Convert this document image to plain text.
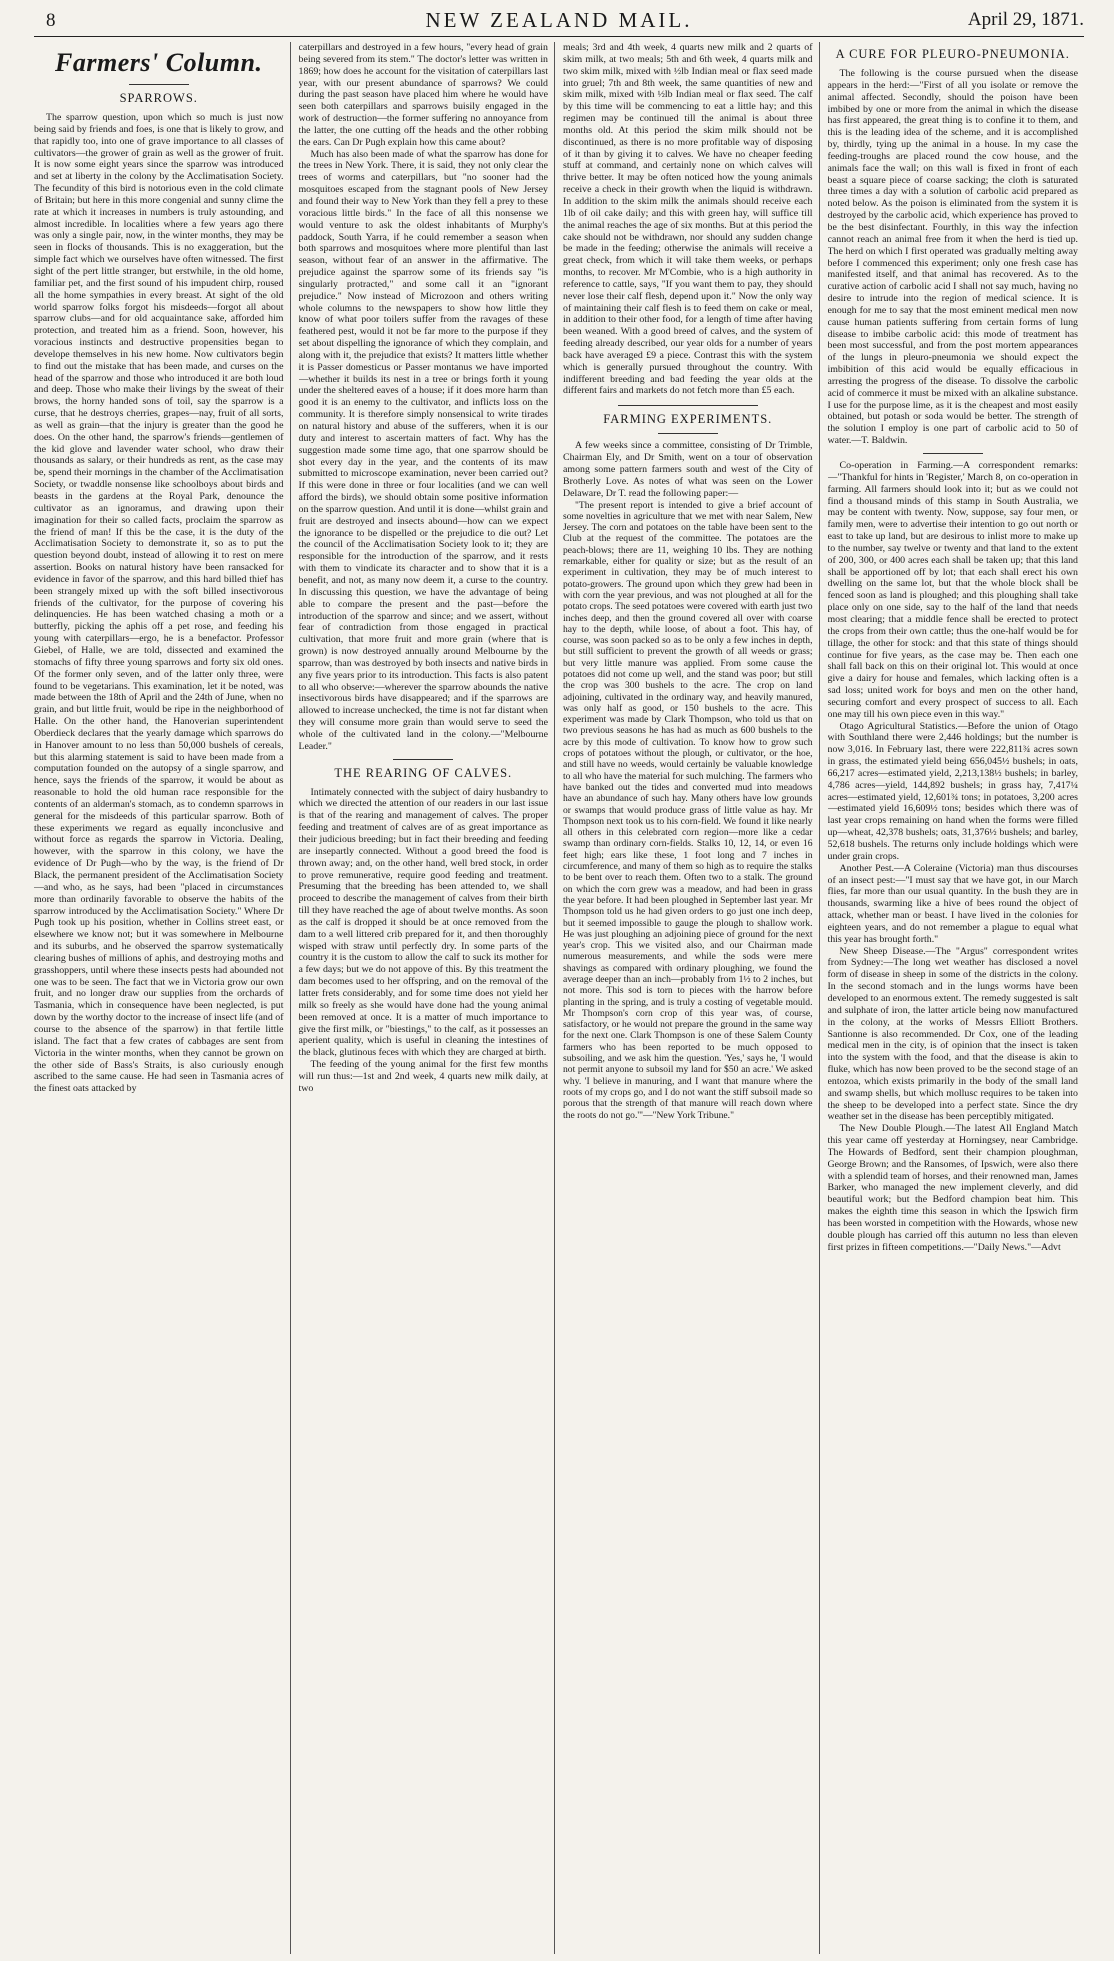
8	NEW ZEALAND MAIL.	April 29, 1871.
Farmers' Column.
SPARROWS.

The sparrow question, upon which so much is just now being said by friends and foes, is one that is likely to grow, and that rapidly too, into one of grave importance to all classes of cultivators—the grower of grain as well as the grower of fruit. It is now some eight years since the sparrow was introduced and set at liberty in the colony by the Acclimatisation Society. The fecundity of this bird is notorious even in the cold climate of Britain; but here in this more congenial and sunny clime the rate at which it increases in numbers is truly astounding, and almost incredible. In localities where a few years ago there was only a single pair, now, in the winter months, they may be seen in flocks of thousands. This is no exaggeration, but the simple fact which we ourselves have often witnessed. The first sight of the pert little stranger, but erstwhile, in the old home, familiar pet, and the first sound of his impudent chirp, roused all the home sympathies in every breast. At sight of the old world sparrow folks forgot his misdeeds—forgot all about sparrow clubs—and for old acquaintance sake, afforded him protection, and treated him as a friend. Soon, however, his voracious instincts and destructive propensities began to develope themselves in his new home. Now cultivators begin to find out the mistake that has been made, and curses on the head of the sparrow and those who introduced it are both loud and deep. Those who make their livings by the sweat of their brows, the horny handed sons of toil, say the sparrow is a curse, that he destroys cherries, grapes—nay, fruit of all sorts, as well as grain—that the injury is greater than the good he does. On the other hand, the sparrow's friends—gentlemen of the kid glove and lavender water school, who draw their thousands as salary, or their hundreds as rent, as the case may be, spend their mornings in the chamber of the Acclimatisation Society, or twaddle nonsense like schoolboys about birds and beasts in the gardens at the Royal Park, denounce the cultivator as an ignoramus, and drawing upon their imagination for their so called facts, proclaim the sparrow as the friend of man! If this be the case, it is the duty of the Acclimatisation Society to demonstrate it, so as to put the question beyond doubt, instead of allowing it to rest on mere assertion. Books on natural history have been ransacked for evidence in favor of the sparrow, and this hard billed thief has been strangely mixed up with the soft billed insectivorous friends of the cultivator, for the purpose of covering his delinquencies. He has been watched chasing a moth or a butterfly, picking the aphis off a pet rose, and feeding his young with caterpillars—ergo, he is a benefactor. Professor Giebel, of Halle, we are told, dissected and examined the stomachs of fifty three young sparrows and forty six old ones. Of the former only seven, and of the latter only three, were found to be vegetarians. This examination, let it be noted, was made between the 18th of April and the 24th of June, when no grain, and but little fruit, would be ripe in the neighborhood of Halle. On the other hand, the Hanoverian superintendent Oberdieck declares that the yearly damage which sparrows do in Hanover amount to no less than 50,000 bushels of cereals, but this alarming statement is said to have been made from a computation founded on the autopsy of a single sparrow, and hence, says the friends of the sparrow, it would be about as reasonable to hold the old human race responsible for the contents of an alderman's stomach, as to condemn sparrows in general for the misdeeds of this particular sparrow. Both of these experiments we regard as equally inconclusive and without force as regards the sparrow in Victoria. Dealing, however, with the sparrow in this colony, we have the evidence of Dr Pugh—who by the way, is the friend of Dr Black, the permanent president of the Acclimatisation Society—and who, as he says, had been "placed in circumstances more than ordinarily favorable to observe the habits of the sparrow introduced by the Acclimatisation Society." Where Dr Pugh took up his position, whether in Collins street east, or elsewhere we know not; but it was somewhere in Melbourne and its suburbs, and he observed the sparrow systematically clearing bushes of millions of aphis, and destroying moths and grasshoppers, until where these insects pests had abounded not one was to be seen. The fact that we in Victoria grow our own fruit, and no longer draw our supplies from the orchards of Tasmania, which in consequence have been neglected, is put down by the worthy doctor to the increase of insect life (and of course to the absence of the sparrow) in that fertile little island. The fact that a few crates of cabbages are sent from Victoria in the winter months, when they cannot be grown on the other side of Bass's Straits, is also curiously enough ascribed to the same cause. He had seen in Tasmania acres of the finest oats attacked by

caterpillars and destroyed in a few hours, "every head of grain being severed from its stem." The doctor's letter was written in 1869; how does he account for the visitation of caterpillars last year, with our present abundance of sparrows? We could during the past season have placed him where he would have seen both caterpillars and sparrows buisily engaged in the work of destruction—the former suffering no annoyance from the latter, the one cutting off the heads and the other robbing the ears. Can Dr Pugh explain how this came about?

Much has also been made of what the sparrow has done for the trees in New York. There, it is said, they not only clear the trees of worms and caterpillars, but "no sooner had the mosquitoes escaped from the stagnant pools of New Jersey and found their way to New York than they fell a prey to these voracious little birds." In the face of all this nonsense we would venture to ask the oldest inhabitants of Murphy's paddock, South Yarra, if he could remember a season when both sparrows and mosquitoes where more plentiful than last season, without fear of an answer in the affirmative. The prejudice against the sparrow some of its friends say "is singularly protracted," and some call it an "ignorant prejudice." Now instead of Microzoon and others writing whole columns to the newspapers to show how little they know of what poor toilers suffer from the ravages of these feathered pest, would it not be far more to the purpose if they set about dispelling the ignorance of which they complain, and along with it, the prejudice that exists? It matters little whether it is Passer domesticus or Passer montanus we have imported—whether it builds its nest in a tree or brings forth it young under the sheltered eaves of a house; if it does more harm than good it is an enemy to the cultivator, and inflicts loss on the community. It is therefore simply nonsensical to write tirades on natural history and abuse of the sufferers, when it is our duty and interest to ascertain matters of fact. Why has the suggestion made some time ago, that one sparrow should be shot every day in the year, and the contents of its maw submitted to microscope examination, never been carried out? If this were done in three or four localities (and we can well afford the birds), we should obtain some positive information on the sparrow question. And until it is done—whilst grain and fruit are destroyed and insects abound—how can we expect the ignorance to be dispelled or the prejudice to die out? Let the council of the Acclimatisation Society look to it; they are responsible for the introduction of the sparrow, and it rests with them to vindicate its character and to show that it is a benefit, and not, as many now deem it, a curse to the country. In discussing this question, we have the advantage of being able to compare the present and the past—before the introduction of the sparrow and since; and we assert, without fear of contradiction from those engaged in practical cultivation, that more fruit and more grain (where that is grown) is now destroyed annually around Melbourne by the sparrow, than was destroyed by both insects and native birds in any five years prior to its introduction. This facts is also patent to all who observe:—wherever the sparrow abounds the native insectivorous birds have disappeared; and if the sparrows are allowed to increase unchecked, the time is not far distant when they will consume more grain than would serve to seed the whole of the cultivated land in the colony.—"Melbourne Leader."

THE REARING OF CALVES.

Intimately connected with the subject of dairy husbandry to which we directed the attention of our readers in our last issue is that of the rearing and management of calves. The proper feeding and treatment of calves are of as great importance as their judicious breeding; but in fact their breeding and feeding are insepartly connected. Without a good breed the food is thrown away; and, on the other hand, well bred stock, in order to prove remunerative, require good feeding and treatment. Presuming that the breeding has been attended to, we shall proceed to describe the management of calves from their birth till they have reached the age of about twelve months. As soon as the calf is dropped it should be at once removed from the dam to a well littered crib prepared for it, and then thoroughly wisped with straw until perfectly dry. In some parts of the country it is the custom to allow the calf to suck its mother for a few days; but we do not appove of this. By this treatment the dam becomes used to her offspring, and on the removal of the latter frets considerably, and for some time does not yield her milk so freely as she would have done had the young animal been removed at once. It is a matter of much importance to give the first milk, or "biestings," to the calf, as it possesses an aperient quality, which is useful in cleaning the intestines of the black, glutinous feces with which they are charged at birth.

The feeding of the young animal for the first few months will run thus:—1st and 2nd week, 4 quarts new milk daily, at two

meals; 3rd and 4th week, 4 quarts new milk and 2 quarts of skim milk, at two meals; 5th and 6th week, 4 quarts milk and two skim milk, mixed with ½lb Indian meal or flax seed made into gruel; 7th and 8th week, the same quantities of new and skim milk, mixed with ½lb Indian meal or flax seed. The calf by this time will be commencing to eat a little hay; and this regimen may be continued till the animal is about three months old. At this period the skim milk should not be discontinued, as there is no more profitable way of disposing of it than by giving it to calves. We have no cheaper feeding stuff at command, and certainly none on which calves will thrive better. It may be often noticed how the young animals receive a check in their growth when the liquid is withdrawn. In addition to the skim milk the animals should receive each 1lb of oil cake daily; and this with green hay, will suffice till the animal reaches the age of six months. But at this period the cake should not be withdrawn, nor should any sudden change be made in the feeding; otherwise the animals will receive a great check, from which it will take them weeks, or perhaps months, to recover. Mr M'Combie, who is a high authority in reference to cattle, says, "If you want them to pay, they should never lose their calf flesh, depend upon it." Now the only way of maintaining their calf flesh is to feed them on cake or meal, in addition to their other food, for a length of time after having been weaned. With a good breed of calves, and the system of feeding already described, our year olds for a number of years back have averaged £9 a piece. Contrast this with the system which is generally pursued throughout the country. With indifferent breeding and bad feeding the year olds at the different fairs and markets do not fetch more than £5 each.

FARMING EXPERIMENTS.

A few weeks since a committee, consisting of Dr Trimble, Chairman Ely, and Dr Smith, went on a tour of observation among some pattern farmers south and west of the City of Brotherly Love. As notes of what was seen on the Lower Delaware, Dr T. read the following paper:—

"The present report is intended to give a brief account of some novelties in agriculture that we met with near Salem, New Jersey. The corn and potatoes on the table have been sent to the Club at the request of the committee. The potatoes are the peach-blows; there are 11, weighing 10 lbs. They are nothing remarkable, either for quality or size; but as the result of an experiment in cultivation, they may be of much interest to potato-growers. The ground upon which they grew had been in with corn the year previous, and was not ploughed at all for the potato crops. The seed potatoes were covered with earth just two inches deep, and then the ground covered all over with coarse hay to the depth, while loose, of about a foot. This hay, of course, was soon packed so as to be only a few inches in depth, but still sufficient to prevent the growth of all weeds or grass; but very little manure was applied. From some cause the potatoes did not come up well, and the stand was poor; but still the crop was 300 bushels to the acre. The crop on land adjoining, cultivated in the ordinary way, and heavily manured, was only half as good, or 150 bushels to the acre. This experiment was made by Clark Thompson, who told us that on two previous seasons he has had as much as 600 bushels to the acre by this mode of cultivation. To know how to grow such crops of potatoes without the plough, or cultivator, or the hoe, and still have no weeds, would certainly be valuable knowledge to all who have the material for such mulching. The farmers who have banked out the tides and converted mud into meadows have an abundance of such hay. Many others have low grounds or swamps that would produce grass of little value as hay. Mr Thompson next took us to his corn-field. We found it like nearly all others in this celebrated corn region—more like a cedar swamp than ordinary corn-fields. Stalks 10, 12, 14, or even 16 feet high; ears like these, 1 foot long and 7 inches in circumference, and many of them so high as to require the stalks to be bent over to reach them. Often two to a stalk. The ground on which the corn grew was a meadow, and had been in grass the year before. It had been ploughed in September last year. Mr Thompson told us he had given orders to go just one inch deep, but it seemed impossible to gauge the plough to shallow work. He was just ploughing an adjoining piece of ground for the next year's crop. This we visited also, and our Chairman made numerous measurements, and while the sods were mere shavings as compared with ordinary ploughing, we found the average deeper than an inch—probably from 1½ to 2 inches, but not more. This sod is torn to pieces with the harrow before planting in the spring, and is truly a costing of vegetable mould. Mr Thompson's corn crop of this year was, of course, satisfactory, or he would not prepare the ground in the same way for the next one. Clark Thompson is one of these Salem County farmers who has been reported to be much opposed to subsoiling, and we ask him the question. 'Yes,' says he, 'I would not permit anyone to subsoil my land for $50 an acre.' We asked why. 'I believe in manuring, and I want that manure where the roots of my crops go, and I do not want the stiff subsoil made so porous that the strength of that manure will reach down where the roots do not go.'"—"New York Tribune."

A CURE FOR PLEURO-PNEUMONIA.

The following is the course pursued when the disease appears in the herd:—"First of all you isolate or remove the animal affected. Secondly, should the poison have been imbibed by one or more from the animal in which the disease has first appeared, the great thing is to confine it to them, and this is the leading idea of the scheme, and it is accomplished by, thirdly, tying up the animal in a house. In my case the feeding-troughs are placed round the cow house, and the animals face the wall; on this wall is fixed in front of each beast a square piece of coarse sacking; the cloth is saturated three times a day with a solution of carbolic acid prepared as noted below. As the poison is eliminated from the system it is destroyed by the carbolic acid, which experience has proved to be the best disinfectant. Fourthly, in this way the infection cannot reach an animal free from it when the herd is tied up. The herd on which I first operated was gradually melting away before I commenced this experiment; only one fresh case has manifested itself, and that animal has recovered. As to the curative action of carbolic acid I shall not say much, having no desire to intrude into the region of medical science. It is enough for me to say that the most eminent medical men now cause human patients suffering from certain forms of lung disease to imbibe carbolic acid: this mode of treatment has been most successful, and from the post mortem appearances of the lungs in pleuro-pneumonia we should expect the imbibition of this acid would be equally efficacious in arresting the progress of the disease. To dissolve the carbolic acid of commerce it must be mixed with an alkaline substance. I use for the purpose lime, as it is the cheapest and most easily obtained, but potash or soda would be better. The strength of the solution I employ is one part of carbolic acid to 50 of water.—T. Baldwin.

Co-operation in Farming.—A correspondent remarks:—"Thankful for hints in 'Register,' March 8, on co-operation in farming. All farmers should look into it; but as we could not find a thousand minds of this stamp in South Australia, we may be content with twenty. Now, suppose, say four men, or family men, were to advertise their intention to go out north or east to take up land, but are desirous to inlist more to make up to the number, say twelve or twenty and that land to the extent of 200, 300, or 400 acres each shall be taken up; that this land shall be apportioned off by lot; that each shall erect his own dwelling on the same lot, but that the whole block shall be fenced soon as land is ploughed; and this ploughing shall take place only on one side, say to the half of the land that needs most clearing; that a middle fence shall be erected to protect the crops from their own cattle; thus the one-half would be for tillage, the other for stock: and that this state of things should continue for five years, as the case may be. Then each one shall fall back on this on their original lot. This would at once give a dairy for house and females, which lacking often is a sad loss; united work for boys and men on the other hand, securing comfort and every prospect of success to all. Each one may till his own piece even in this way."

Otago Agricultural Statistics.—Before the union of Otago with Southland there were 2,446 holdings; but the number is now 3,016. In February last, there were 222,811¾ acres sown in grass, the estimated yield being 656,045½ bushels; in oats, 66,217 acres—estimated yield, 2,213,138½ bushels; in barley, 4,786 acres—yield, 144,892 bushels; in grass hay, 7,417¼ acres—estimated yield, 12,601¾ tons; in potatoes, 3,200 acres—estimated yield 16,609½ tons; besides which there was of last year crops remaining on hand when the forms were filled up—wheat, 42,378 bushels; oats, 31,376½ bushels; and barley, 52,618 bushels. The returns only include holdings which were under grain crops.

Another Pest.—A Coleraine (Victoria) man thus discourses of an insect pest:—"I must say that we have got, in our March flies, far more than our usual quantity. In the bush they are in thousands, swarming like a hive of bees round the object of attack, whether man or beast. I have lived in the colonies for eighteen years, and do not remember a plague to equal what this year has brought forth."

New Sheep Disease.—The "Argus" correspondent writes from Sydney:—The long wet weather has disclosed a novel form of disease in sheep in some of the districts in the colony. In the second stomach and in the lungs worms have been developed to an enormous extent. The remedy suggested is salt and sulphate of iron, the latter article being now manufactured in the colony, at the works of Messrs Elliott Brothers. Santionne is also recommended. Dr Cox, one of the leading medical men in the city, is of opinion that the insect is taken into the system with the food, and that the disease is akin to fluke, which has now been proved to be the second stage of an entozoa, which exists primarily in the body of the small land and swamp shells, but which mollusc requires to be taken into the sheep to be developed into a perfect state. Since the dry weather set in the disease has been perceptibly mitigated.

The New Double Plough.—The latest All England Match this year came off yesterday at Horningsey, near Cambridge. The Howards of Bedford, sent their champion ploughman, George Brown; and the Ransomes, of Ipswich, were also there with a splendid team of horses, and their renowned man, James Barker, who managed the new implement cleverly, and did beautiful work; but the Bedford champion beat him. This makes the eighth time this season in which the Ipswich firm has been worsted in competition with the Howards, whose new double plough has carried off this autumn no less than eleven first prizes in fifteen competitions.—"Daily News."—Advt
